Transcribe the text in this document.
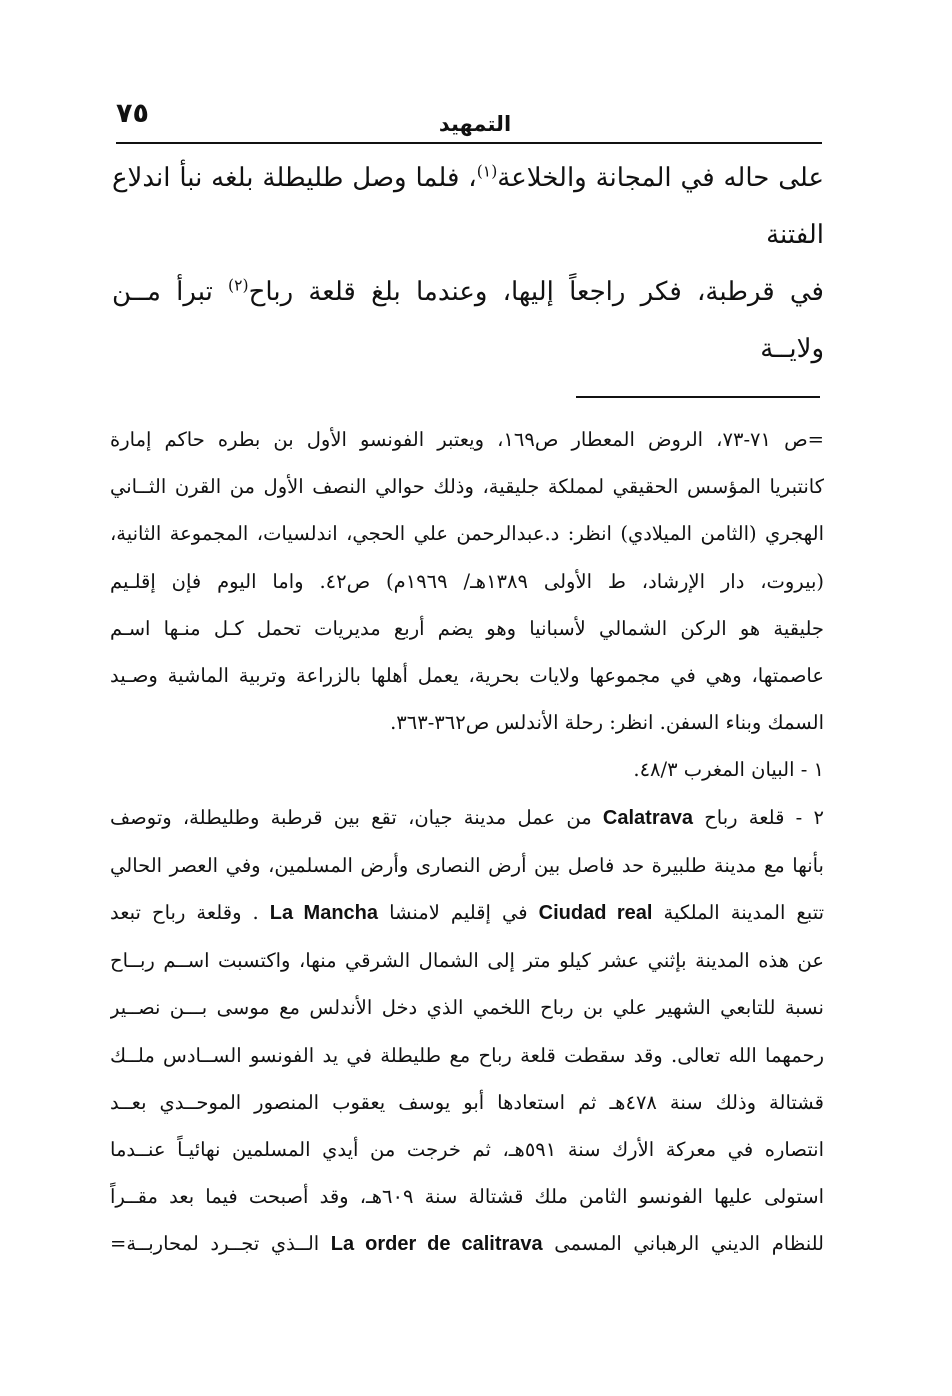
٧٥	التمهيد

على حاله في المجانة والخلاعة$^{(١)}$، فلما وصل طليطلة بلغه نبأ اندلاع الفتنة

في قرطبة، فكر راجعاً إليها، وعندما بلغ قلعة رباح$^{(٢)}$ تبرأ مــن ولايــة

=ص ٧١-٧٣، الروض المعطار ص١٦٩، ويعتبر الفونسو الأول بن بطره حاكم إمارة
كانتبريا المؤسس الحقيقي لمملكة جليقية، وذلك حوالي النصف الأول من القرن الثــاني
الهجري (الثامن الميلادي) انظر: د.عبدالرحمن علي الحجي، اندلسيات، المجموعة الثانية،
(بيروت، دار الإرشاد، ط الأولى ١٣٨٩هـ/ ١٩٦٩م) ص٤٢. واما اليوم فإن إقلـيم
جليقية هو الركن الشمالي لأسبانيا وهو يضم أربع مديريات تحمل كـل منـها اسـم
عاصمتها، وهي في مجموعها ولايات بحرية، يعمل أهلها بالزراعة وتربية الماشية وصـيد
السمك وبناء السفن. انظر: رحلة الأندلس ص٣٦٢-٣٦٣.
١ - البيان المغرب ٤٨/٣.
٢ - قلعة رباح Calatrava من عمل مدينة جيان، تقع بين قرطبة وطليطلة، وتوصف
بأنها مع مدينة طلبيرة حد فاصل بين أرض النصارى وأرض المسلمين، وفي العصر الحالي
تتبع المدينة الملكية Ciudad real في إقليم لامنشا La Mancha . وقلعة رباح تبعد
عن هذه المدينة بإثني عشر كيلو متر إلى الشمال الشرقي منها، واكتسبت اســم ربــاح
نسبة للتابعي الشهير علي بن رباح اللخمي الذي دخل الأندلس مع موسى بـــن نصــير
رحمهما الله تعالى. وقد سقطت قلعة رباح مع طليطلة في يد الفونسو الســادس ملــك
قشتالة وذلك سنة ٤٧٨هـ ثم استعادها أبو يوسف يعقوب المنصور الموحــدي بعــد
انتصاره في معركة الأرك سنة ٥٩١هـ، ثم خرجت من أيدي المسلمين نهائيـاً عنــدما
استولى عليها الفونسو الثامن ملك قشتالة سنة ٦٠٩هـ، وقد أصبحت فيما بعد مقــراً
للنظام الديني الرهباني المسمى La order de calitrava الــذي تجــرد لمحاربــة=
